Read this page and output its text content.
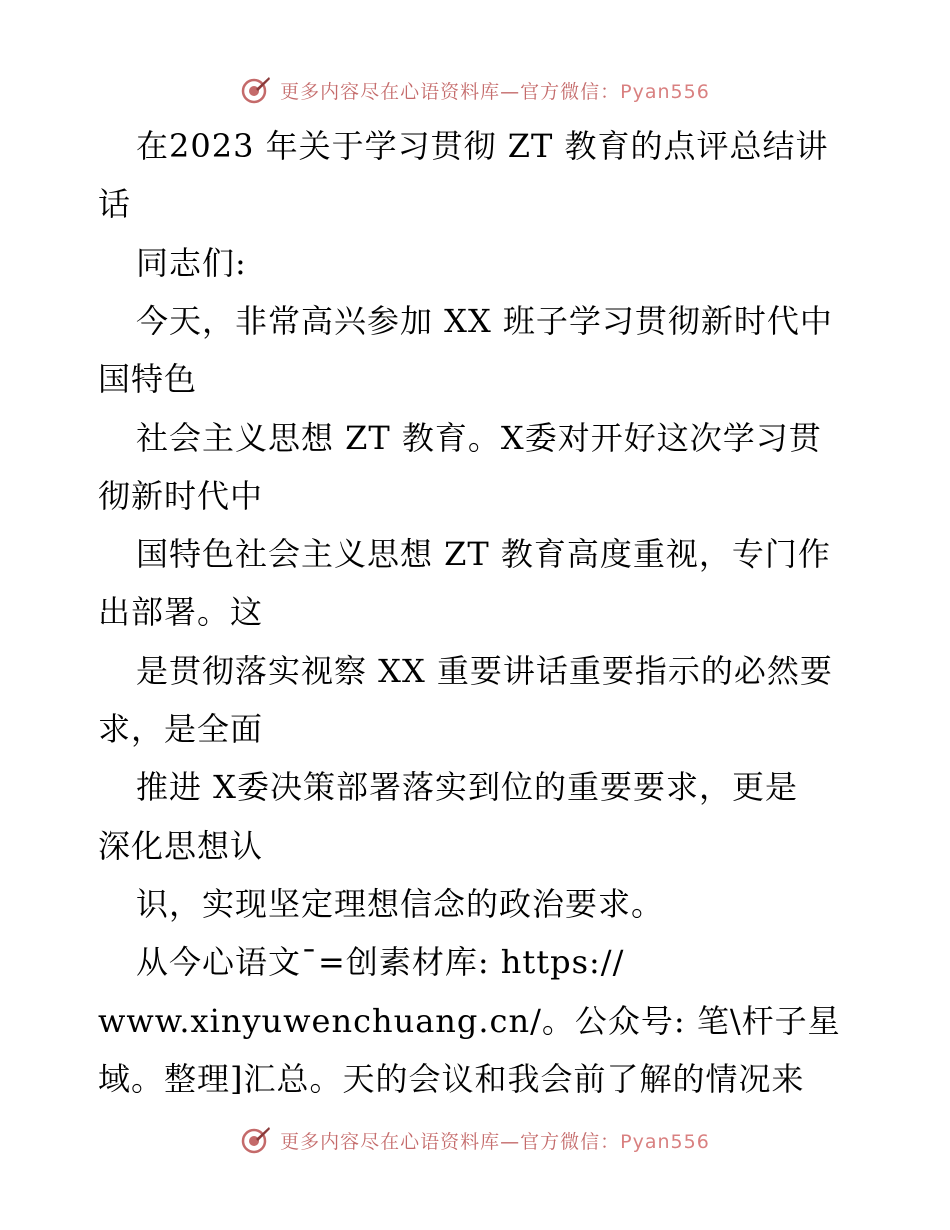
更多内容尽在心语资料库—官方微信：Pyan556
在2023 年关于学习贯彻 ZT 教育的点评总结讲
话
同志们:
今天，非常高兴参加 XX 班子学习贯彻新时代中
国特色
社会主义思想 ZT 教育。X委对开好这次学习贯
彻新时代中
国特色社会主义思想 ZT 教育高度重视，专门作
出部署。这
是贯彻落实视察 XX 重要讲话重要指示的必然要
求，是全面
推进 X委决策部署落实到位的重要要求，更是
深化思想认
识，实现坚定理想信念的政治要求。
从今心语文¯=创素材库: https://
www.xinyuwenchuang.cn/。公众号: 笔\杆子星
域。整理]汇总。天的会议和我会前了解的情况来
更多内容尽在心语资料库—官方微信：Pyan556
